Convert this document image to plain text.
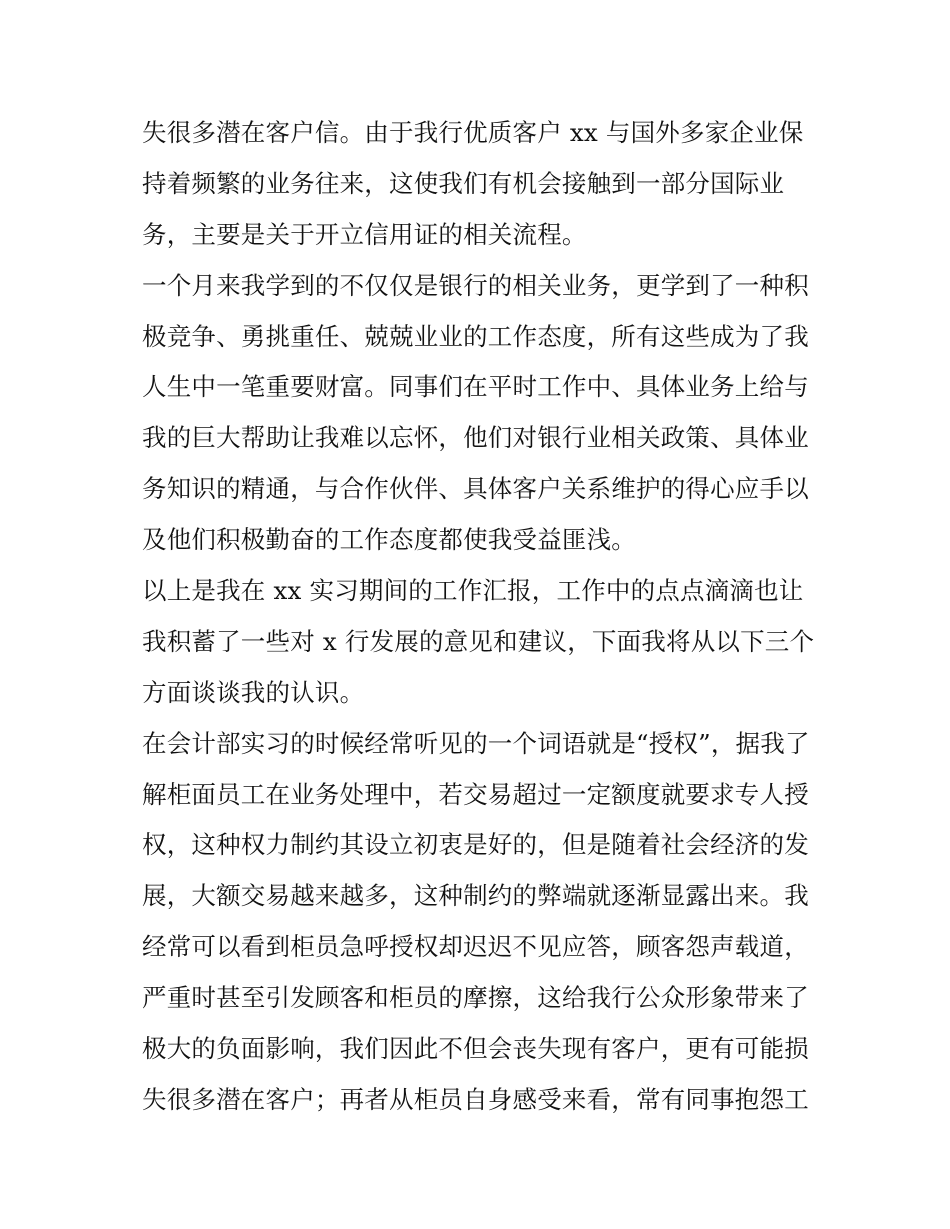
失很多潜在客户信。由于我行优质客户 xx 与国外多家企业保
持着频繁的业务往来，这使我们有机会接触到一部分国际业
务，主要是关于开立信用证的相关流程。
一个月来我学到的不仅仅是银行的相关业务，更学到了一种积
极竞争、勇挑重任、兢兢业业的工作态度，所有这些成为了我
人生中一笔重要财富。同事们在平时工作中、具体业务上给与
我的巨大帮助让我难以忘怀，他们对银行业相关政策、具体业
务知识的精通，与合作伙伴、具体客户关系维护的得心应手以
及他们积极勤奋的工作态度都使我受益匪浅。
以上是我在 xx 实习期间的工作汇报，工作中的点点滴滴也让
我积蓄了一些对 x 行发展的意见和建议，下面我将从以下三个
方面谈谈我的认识。
在会计部实习的时候经常听见的一个词语就是“授权”，据我了
解柜面员工在业务处理中，若交易超过一定额度就要求专人授
权，这种权力制约其设立初衷是好的，但是随着社会经济的发
展，大额交易越来越多，这种制约的弊端就逐渐显露出来。我
经常可以看到柜员急呼授权却迟迟不见应答，顾客怨声载道，
严重时甚至引发顾客和柜员的摩擦，这给我行公众形象带来了
极大的负面影响，我们因此不但会丧失现有客户，更有可能损
失很多潜在客户；再者从柜员自身感受来看，常有同事抱怨工
